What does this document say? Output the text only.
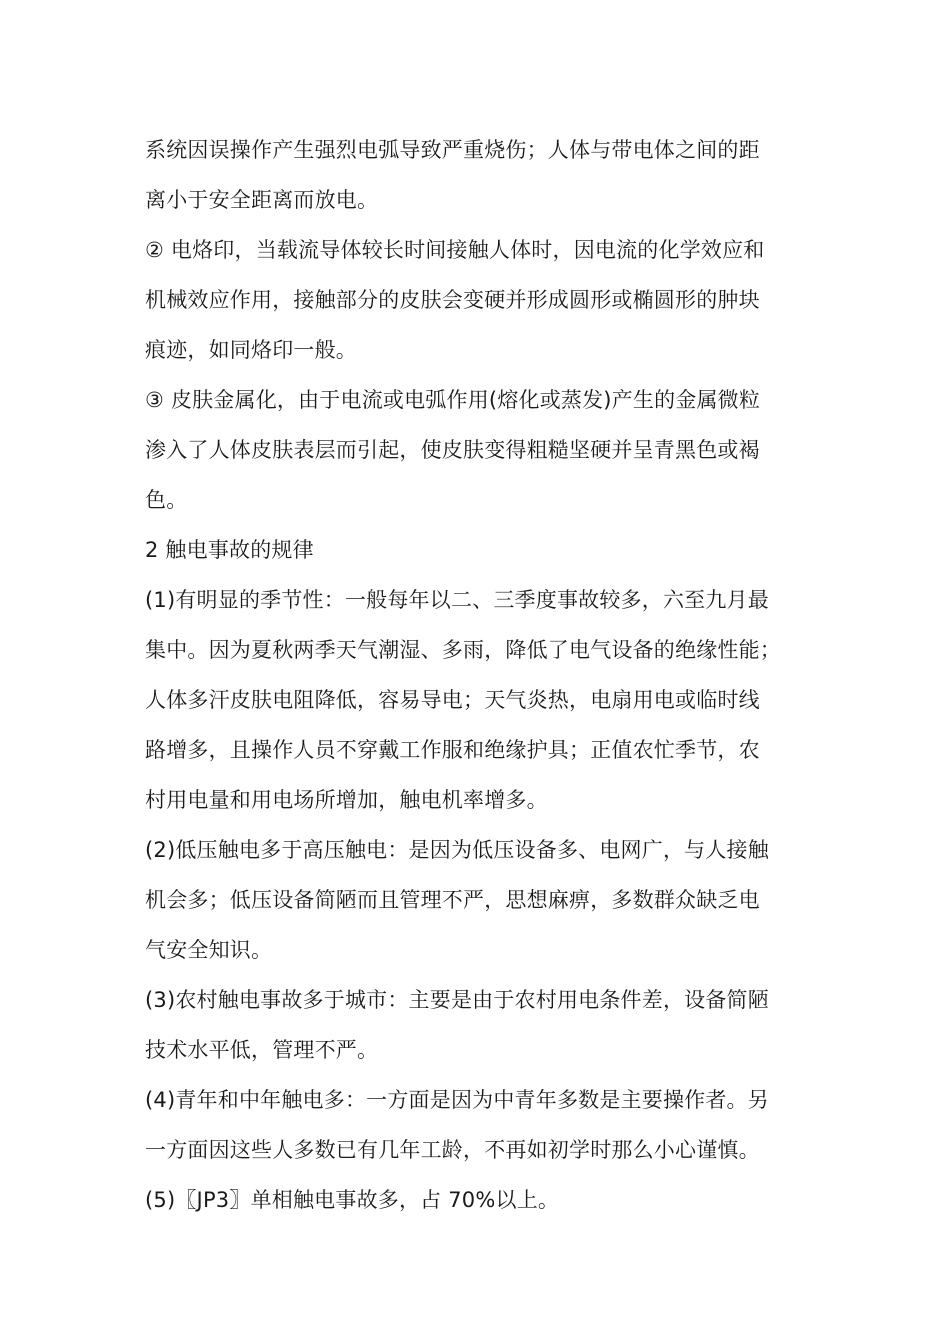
系统因误操作产生强烈电弧导致严重烧伤；人体与带电体之间的距
离小于安全距离而放电。
② 电烙印，当载流导体较长时间接触人体时，因电流的化学效应和
机械效应作用，接触部分的皮肤会变硬并形成圆形或椭圆形的肿块
痕迹，如同烙印一般。
③ 皮肤金属化，由于电流或电弧作用(熔化或蒸发)产生的金属微粒
渗入了人体皮肤表层而引起，使皮肤变得粗糙坚硬并呈青黑色或褐
色。
2 触电事故的规律
(1)有明显的季节性：一般每年以二、三季度事故较多，六至九月最
集中。因为夏秋两季天气潮湿、多雨，降低了电气设备的绝缘性能；
人体多汗皮肤电阻降低，容易导电；天气炎热，电扇用电或临时线
路增多，且操作人员不穿戴工作服和绝缘护具；正值农忙季节，农
村用电量和用电场所增加，触电机率增多。
(2)低压触电多于高压触电：是因为低压设备多、电网广，与人接触
机会多；低压设备简陋而且管理不严，思想麻痹，多数群众缺乏电
气安全知识。
(3)农村触电事故多于城市：主要是由于农村用电条件差，设备简陋
技术水平低，管理不严。
(4)青年和中年触电多：一方面是因为中青年多数是主要操作者。另
一方面因这些人多数已有几年工龄，不再如初学时那么小心谨慎。
(5)〖JP3〗单相触电事故多，占 70%以上。
